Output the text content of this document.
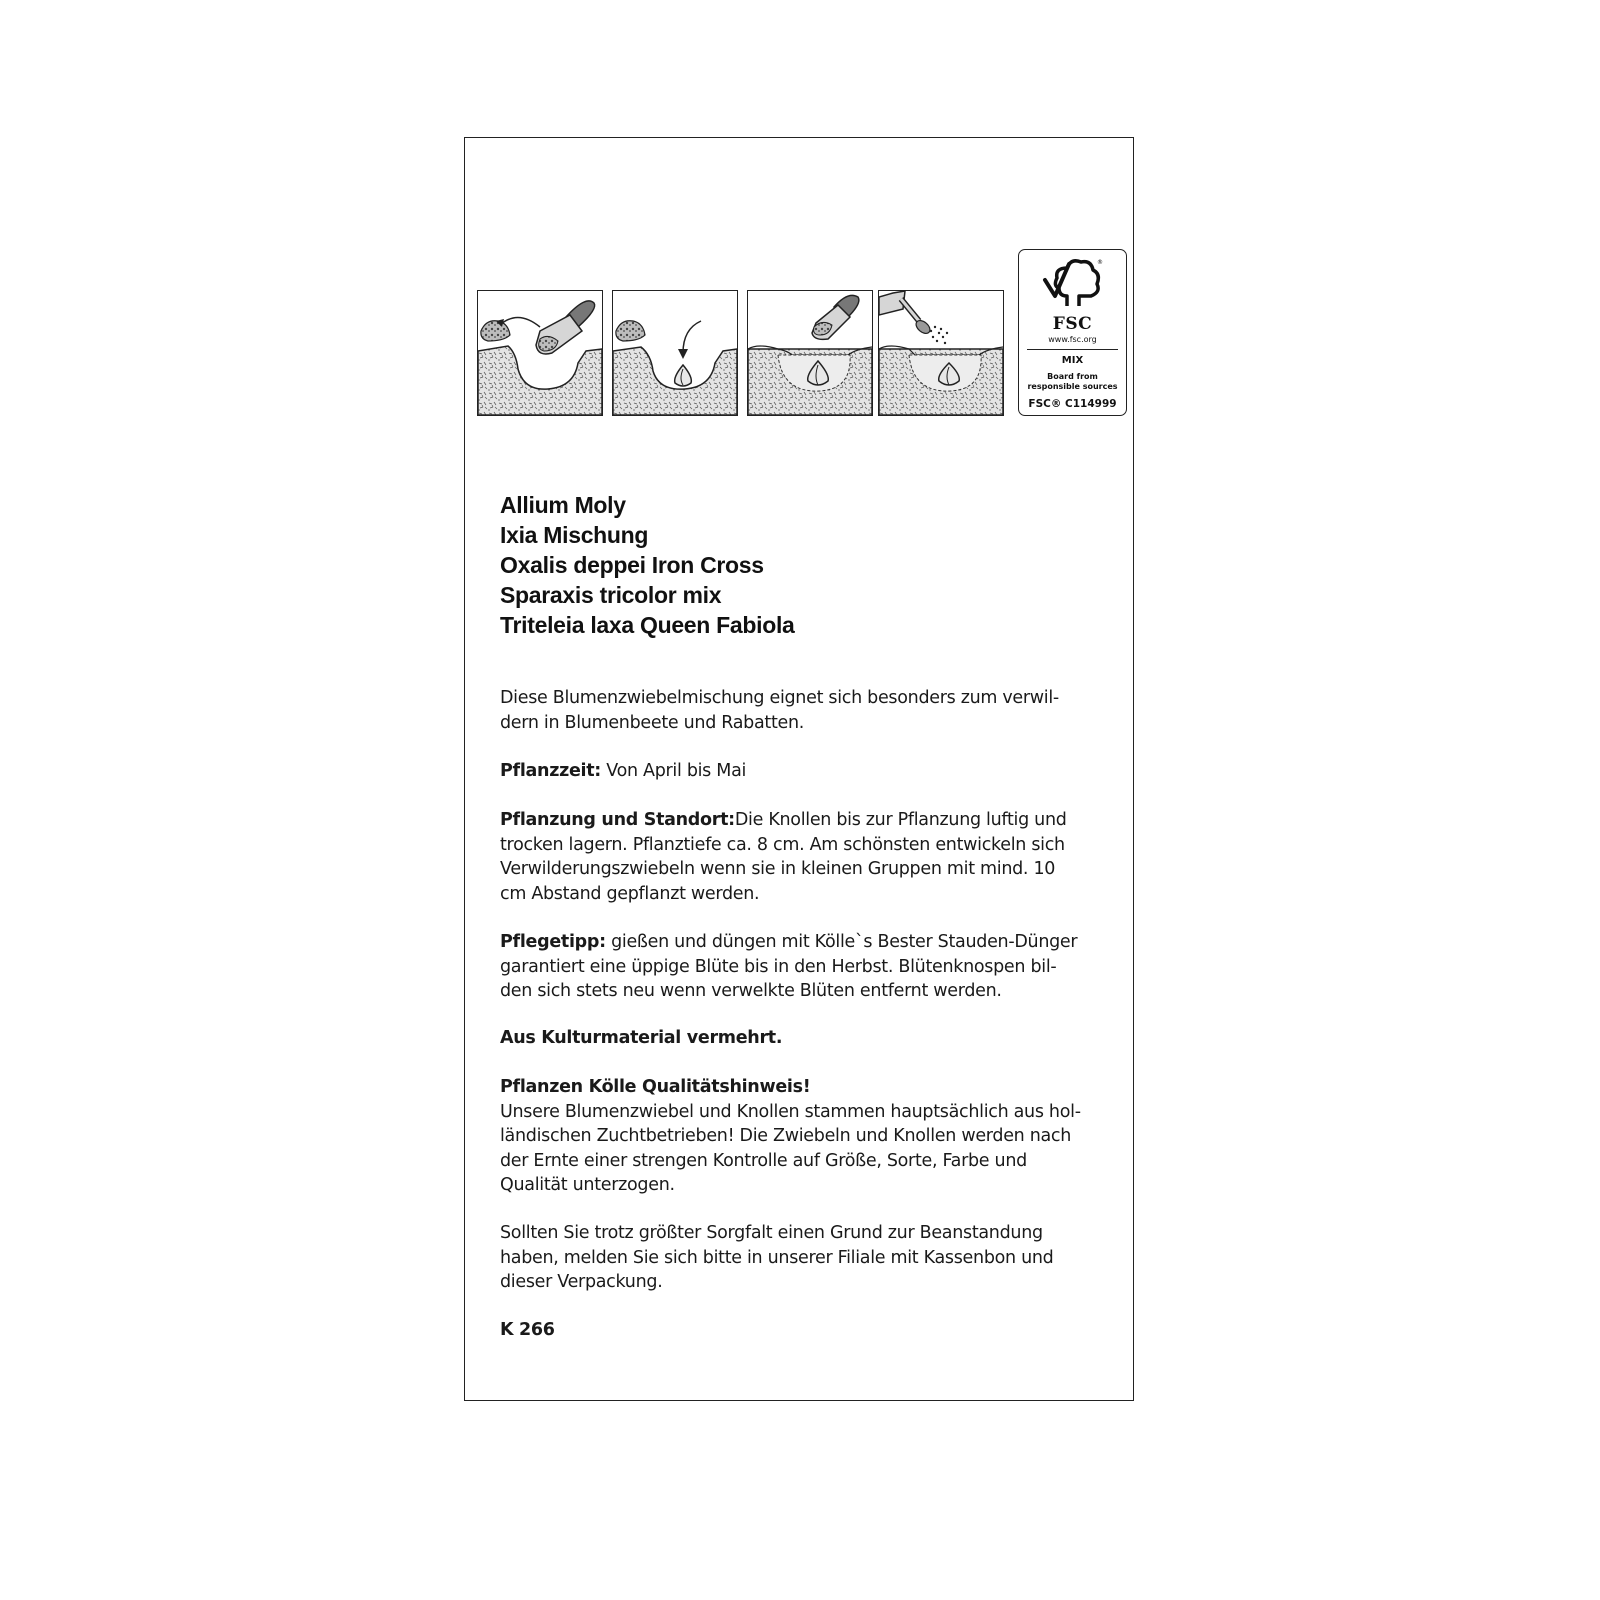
®
FSC
www.fsc.org
MIX
Board from
responsible sources
FSC® C114999
Allium Moly
Ixia Mischung
Oxalis deppei Iron Cross
Sparaxis tricolor mix
Triteleia laxa Queen Fabiola
Diese Blumenzwiebelmischung eignet sich besonders zum verwil-
dern in Blumenbeete und Rabatten.
Pflanzzeit: Von April bis Mai
Pflanzung und Standort:Die Knollen bis zur Pflanzung luftig und
trocken lagern. Pflanztiefe ca. 8 cm. Am schönsten entwickeln sich
Verwilderungszwiebeln wenn sie in kleinen Gruppen mit mind. 10
cm Abstand gepflanzt werden.
Pflegetipp: gießen und düngen mit Kölle`s Bester Stauden-Dünger
garantiert eine üppige Blüte bis in den Herbst. Blütenknospen bil-
den sich stets neu wenn verwelkte Blüten entfernt werden.
Aus Kulturmaterial vermehrt.
Pflanzen Kölle Qualitätshinweis!
Unsere Blumenzwiebel und Knollen stammen hauptsächlich aus hol-
ländischen Zuchtbetrieben! Die Zwiebeln und Knollen werden nach
der Ernte einer strengen Kontrolle auf Größe, Sorte, Farbe und
Qualität unterzogen.
Sollten Sie trotz größter Sorgfalt einen Grund zur Beanstandung
haben, melden Sie sich bitte in unserer Filiale mit Kassenbon und
dieser Verpackung.
K 266
